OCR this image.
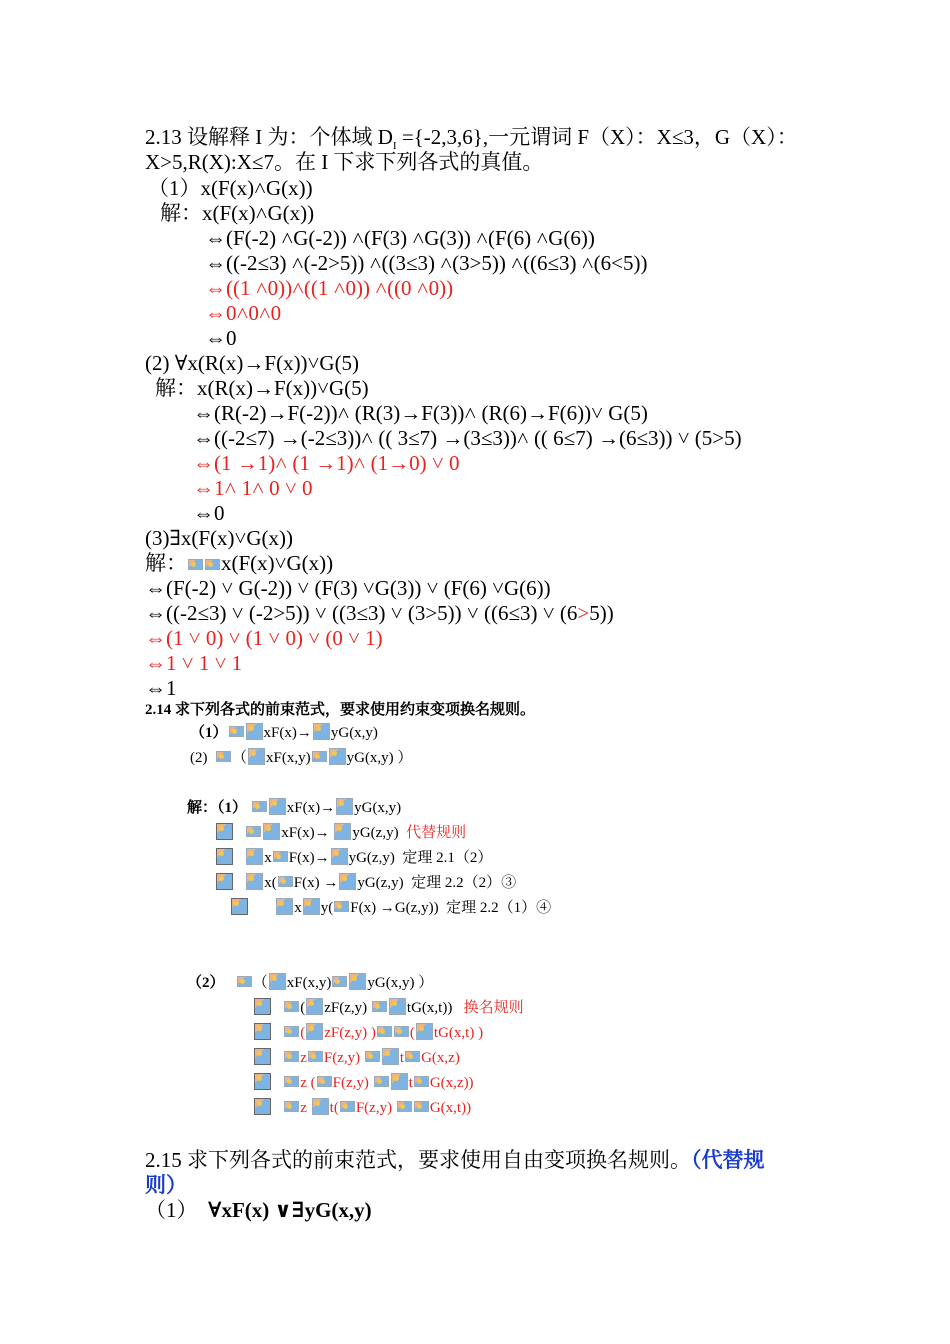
2.13 设解释 I 为：个体域 $D_I =\{-2,3,6\}$,一元谓词 F（X）：X≤3，G（X）：
X>5,R(X):X≤7。在 I 下求下列各式的真值。
（1）x(F(x)˄G(x))
解：x(F(x)˄G(x))
⇔(F(-2) ˄G(-2)) ˄(F(3) ˄G(3)) ˄(F(6) ˄G(6))
⇔((-2≤3) ˄(-2>5)) ˄((3≤3) ˄(3>5)) ˄((6≤3) ˄(6<5))
⇔((1 ˄0))˄((1 ˄0)) ˄((0 ˄0))
⇔0˄0˄0
⇔0
(2) ∀x(R(x)→F(x))˅G(5)
解：x(R(x)→F(x))˅G(5)
⇔(R(-2)→F(-2))˄ (R(3)→F(3))˄ (R(6)→F(6))˅ G(5)
⇔((-2≤7) →(-2≤3))˄ (( 3≤7) →(3≤3))˄ (( 6≤7) →(6≤3)) ˅ (5>5)
⇔(1 →1)˄ (1 →1)˄ (1→0) ˅ 0
⇔1˄ 1˄ 0 ˅ 0
⇔0
(3)∃x(F(x)˅G(x))
解： x(F(x)˅G(x))
⇔(F(-2) ˅ G(-2)) ˅ (F(3) ˅G(3)) ˅ (F(6) ˅G(6))
⇔((-2≤3) ˅ (-2>5)) ˅ ((3≤3) ˅ (3>5)) ˅ ((6≤3) ˅ (6>5))
⇔(1 ˅ 0) ˅ (1 ˅ 0) ˅ (0 ˅ 1)
⇔1 ˅ 1 ˅ 1
⇔1
2.14 求下列各式的前束范式，要求使用约束变项换名规则。
（1） xF(x)→ yG(x,y)
(2) （ xF(x,y) yG(x,y) ）
解：（1）	xF(x)→ yG(x,y)
xF(x)→ yG(z,y) 代替规则
x F(x)→ yG(z,y) 定理 2.1（2）
x( F(x) → yG(z,y) 定理 2.2（2）③
x y( F(x) →G(z,y)) 定理 2.2（1）④
（2） （ xF(x,y) yG(x,y) ）
( zF(z,y)	tG(x,t)) 换名规则
( zF(z,y) ) ( tG(x,t) )
z F(z,y)	t G(x,z)
z ( F(z,y)	t G(x,z))
z t( F(z,y)	G(x,t))
2.15 求下列各式的前束范式，要求使用自由变项换名规则。（代替规
则）
（1） ∀xF(x) ∨∃yG(x,y)
